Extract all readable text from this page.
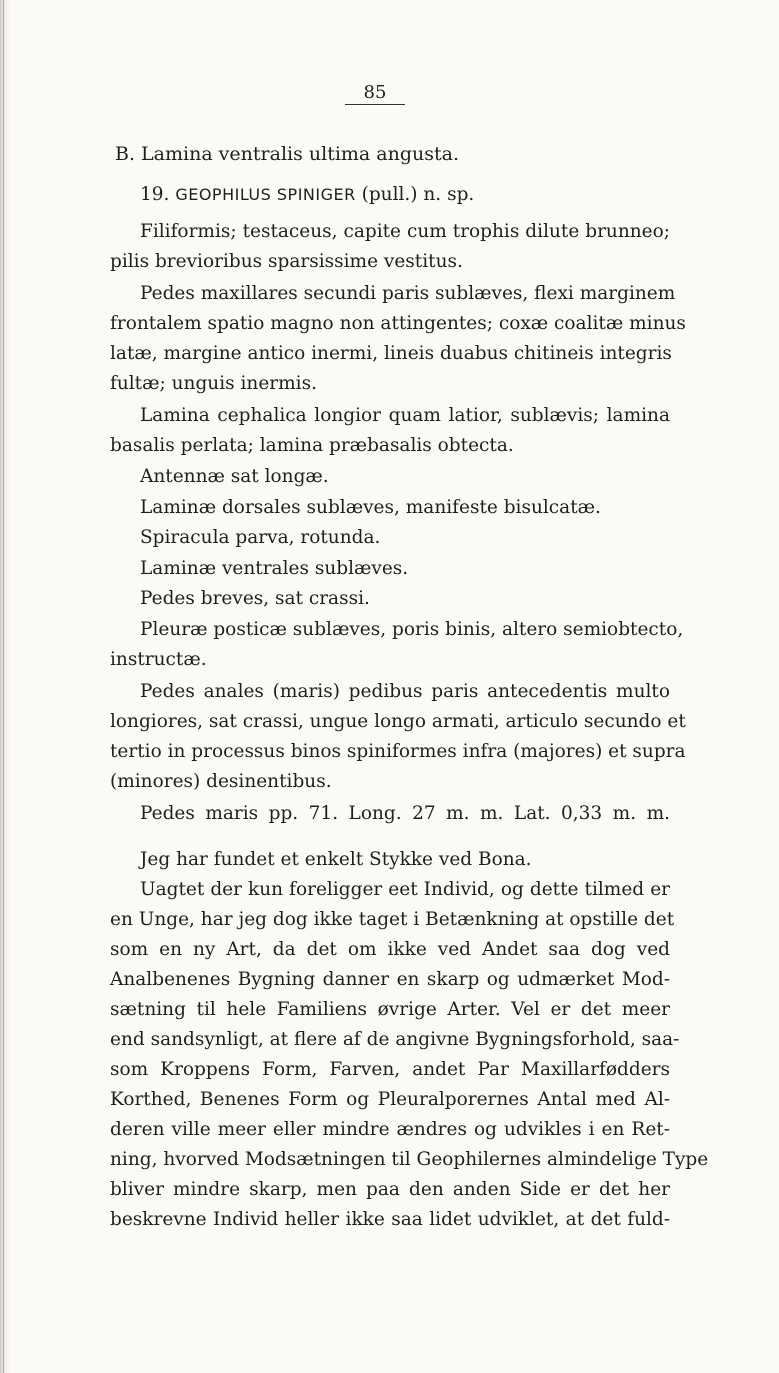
85
B. Lamina ventralis ultima angusta.
19. GEOPHILUS SPINIGER (pull.) n. sp.
Filiformis; testaceus, capite cum trophis dilute brunneo;
pilis brevioribus sparsissime vestitus.
Pedes maxillares secundi paris sublæves, flexi marginem
frontalem spatio magno non attingentes; coxæ coalitæ minus
latæ, margine antico inermi, lineis duabus chitineis integris
fultæ; unguis inermis.
Lamina cephalica longior quam latior, sublævis; lamina
basalis perlata; lamina præbasalis obtecta.
Antennæ sat longæ.
Laminæ dorsales sublæves, manifeste bisulcatæ.
Spiracula parva, rotunda.
Laminæ ventrales sublæves.
Pedes breves, sat crassi.
Pleuræ posticæ sublæves, poris binis, altero semiobtecto,
instructæ.
Pedes anales (maris) pedibus paris antecedentis multo
longiores, sat crassi, ungue longo armati, articulo secundo et
tertio in processus binos spiniformes infra (majores) et supra
(minores) desinentibus.
Pedes maris pp. 71. Long. 27 m. m. Lat. 0,33 m. m.
Jeg har fundet et enkelt Stykke ved Bona.
Uagtet der kun foreligger eet Individ, og dette tilmed er
en Unge, har jeg dog ikke taget i Betænkning at opstille det
som en ny Art, da det om ikke ved Andet saa dog ved
Analbenenes Bygning danner en skarp og udmærket Mod-
sætning til hele Familiens øvrige Arter. Vel er det meer
end sandsynligt, at flere af de angivne Bygningsforhold, saa-
som Kroppens Form, Farven, andet Par Maxillarfødders
Korthed, Benenes Form og Pleuralporernes Antal med Al-
deren ville meer eller mindre ændres og udvikles i en Ret-
ning, hvorved Modsætningen til Geophilernes almindelige Type
bliver mindre skarp, men paa den anden Side er det her
beskrevne Individ heller ikke saa lidet udviklet, at det fuld-
